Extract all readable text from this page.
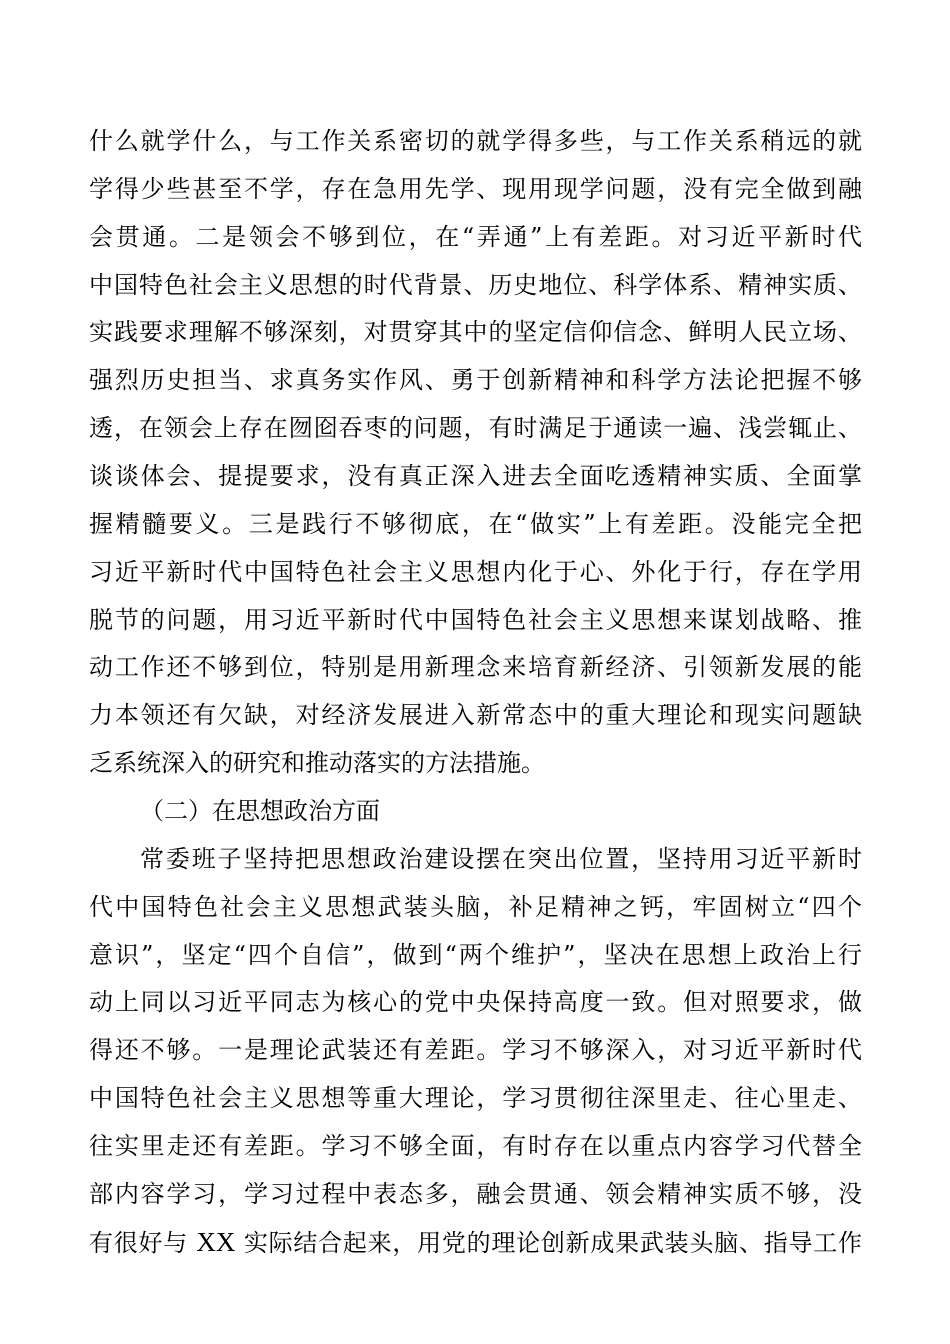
什么就学什么，与工作关系密切的就学得多些，与工作关系稍远的就
学得少些甚至不学，存在急用先学、现用现学问题，没有完全做到融
会贯通。二是领会不够到位，在“弄通”上有差距。对习近平新时代
中国特色社会主义思想的时代背景、历史地位、科学体系、精神实质、
实践要求理解不够深刻，对贯穿其中的坚定信仰信念、鲜明人民立场、
强烈历史担当、求真务实作风、勇于创新精神和科学方法论把握不够
透，在领会上存在囫囵吞枣的问题，有时满足于通读一遍、浅尝辄止、
谈谈体会、提提要求，没有真正深入进去全面吃透精神实质、全面掌
握精髓要义。三是践行不够彻底，在“做实”上有差距。没能完全把
习近平新时代中国特色社会主义思想内化于心、外化于行，存在学用
脱节的问题，用习近平新时代中国特色社会主义思想来谋划战略、推
动工作还不够到位，特别是用新理念来培育新经济、引领新发展的能
力本领还有欠缺，对经济发展进入新常态中的重大理论和现实问题缺
乏系统深入的研究和推动落实的方法措施。
（二）在思想政治方面
常委班子坚持把思想政治建设摆在突出位置，坚持用习近平新时
代中国特色社会主义思想武装头脑，补足精神之钙，牢固树立“四个
意识”，坚定“四个自信”，做到“两个维护”，坚决在思想上政治上行
动上同以习近平同志为核心的党中央保持高度一致。但对照要求，做
得还不够。一是理论武装还有差距。学习不够深入，对习近平新时代
中国特色社会主义思想等重大理论，学习贯彻往深里走、往心里走、
往实里走还有差距。学习不够全面，有时存在以重点内容学习代替全
部内容学习，学习过程中表态多，融会贯通、领会精神实质不够，没
有很好与 XX 实际结合起来，用党的理论创新成果武装头脑、指导工作
